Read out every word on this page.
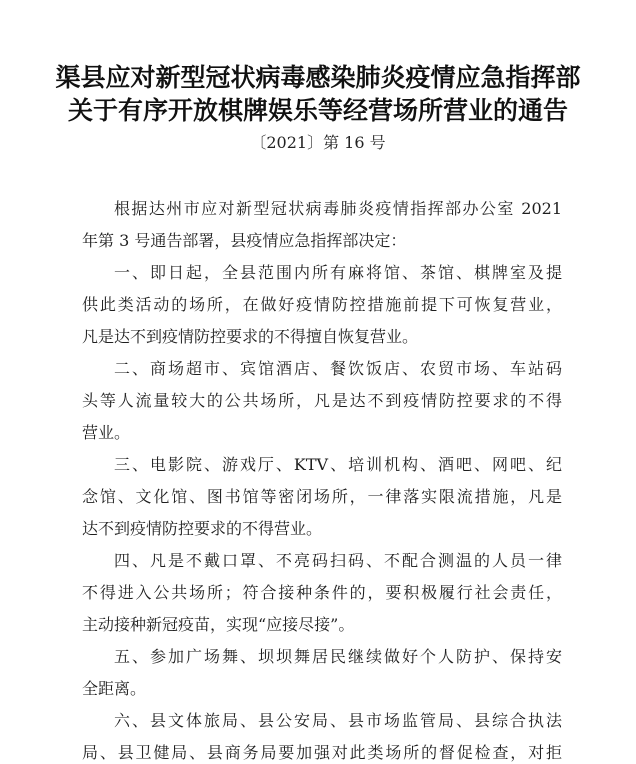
渠县应对新型冠状病毒感染肺炎疫情应急指挥部
关于有序开放棋牌娱乐等经营场所营业的通告
〔2021〕第 16 号
根据达州市应对新型冠状病毒肺炎疫情指挥部办公室 2021
年第 3 号通告部署，县疫情应急指挥部决定：
一、即日起，全县范围内所有麻将馆、茶馆、棋牌室及提
供此类活动的场所，在做好疫情防控措施前提下可恢复营业，
凡是达不到疫情防控要求的不得擅自恢复营业。
二、商场超市、宾馆酒店、餐饮饭店、农贸市场、车站码
头等人流量较大的公共场所，凡是达不到疫情防控要求的不得
营业。
三、电影院、游戏厅、KTV、培训机构、酒吧、网吧、纪
念馆、文化馆、图书馆等密闭场所，一律落实限流措施，凡是
达不到疫情防控要求的不得营业。
四、凡是不戴口罩、不亮码扫码、不配合测温的人员一律
不得进入公共场所；符合接种条件的，要积极履行社会责任，
主动接种新冠疫苗，实现“应接尽接”。
五、参加广场舞、坝坝舞居民继续做好个人防护、保持安
全距离。
六、县文体旅局、县公安局、县市场监管局、县综合执法
局、县卫健局、县商务局要加强对此类场所的督促检查，对拒
